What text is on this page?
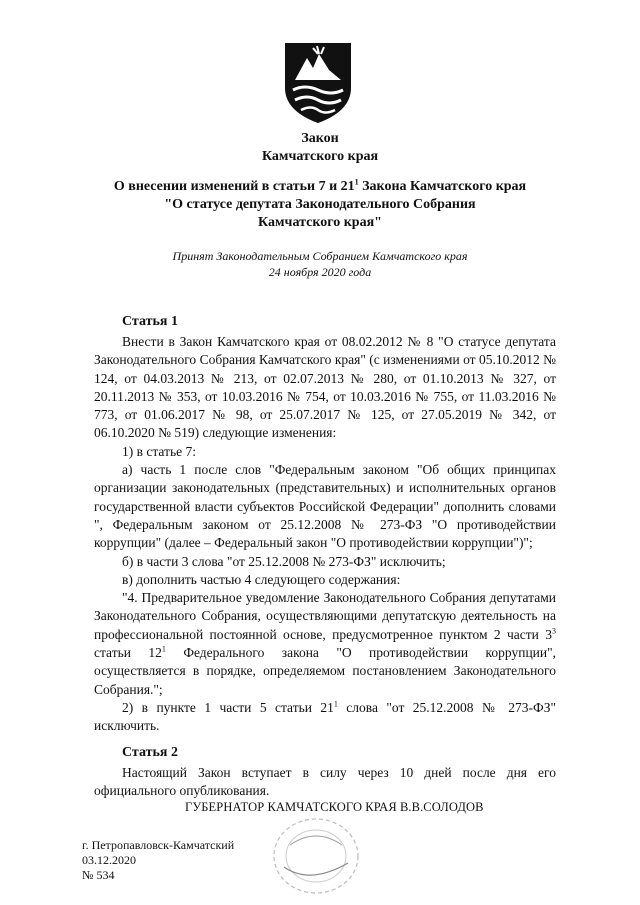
Закон
Камчатского края
О внесении изменений в статьи 7 и $21^1$ Закона Камчатского края
"О статусе депутата Законодательного Собрания
Камчатского края"
Принят Законодательным Собранием Камчатского края
24 ноября 2020 года
Статья 1
Внести в Закон Камчатского края от 08.02.2012 № 8 "О статусе депутата Законодательного Собрания Камчатского края" (с изменениями от 05.10.2012 № 124, от 04.03.2013 № 213, от 02.07.2013 № 280, от 01.10.2013 № 327, от 20.11.2013 № 353, от 10.03.2016 № 754, от 10.03.2016 № 755, от 11.03.2016 № 773, от 01.06.2017 № 98, от 25.07.2017 № 125, от 27.05.2019 № 342, от 06.10.2020 № 519) следующие изменения:
1) в статье 7:
а) часть 1 после слов "Федеральным законом "Об общих принципах организации законодательных (представительных) и исполнительных органов государственной власти субъектов Российской Федерации" дополнить словами ", Федеральным законом от 25.12.2008 № 273-ФЗ "О противодействии коррупции" (далее – Федеральный закон "О противодействии коррупции")";
б) в части 3 слова "от 25.12.2008 № 273-ФЗ" исключить;
в) дополнить частью 4 следующего содержания:
"4. Предварительное уведомление Законодательного Собрания депутатами Законодательного Собрания, осуществляющими депутатскую деятельность на профессиональной постоянной основе, предусмотренное пунктом 2 части $3^3$ статьи $12^1$ Федерального закона "О противодействии коррупции", осуществляется в порядке, определяемом постановлением Законодательного Собрания.";
2) в пункте 1 части 5 статьи $21^1$ слова "от 25.12.2008 № 273-ФЗ" исключить.
Статья 2
Настоящий Закон вступает в силу через 10 дней после дня его официального опубликования.
ГУБЕРНАТОР КАМЧАТСКОГО КРАЯ В.В.СОЛОДОВ
г. Петропавловск-Камчатский
03.12.2020
№ 534
